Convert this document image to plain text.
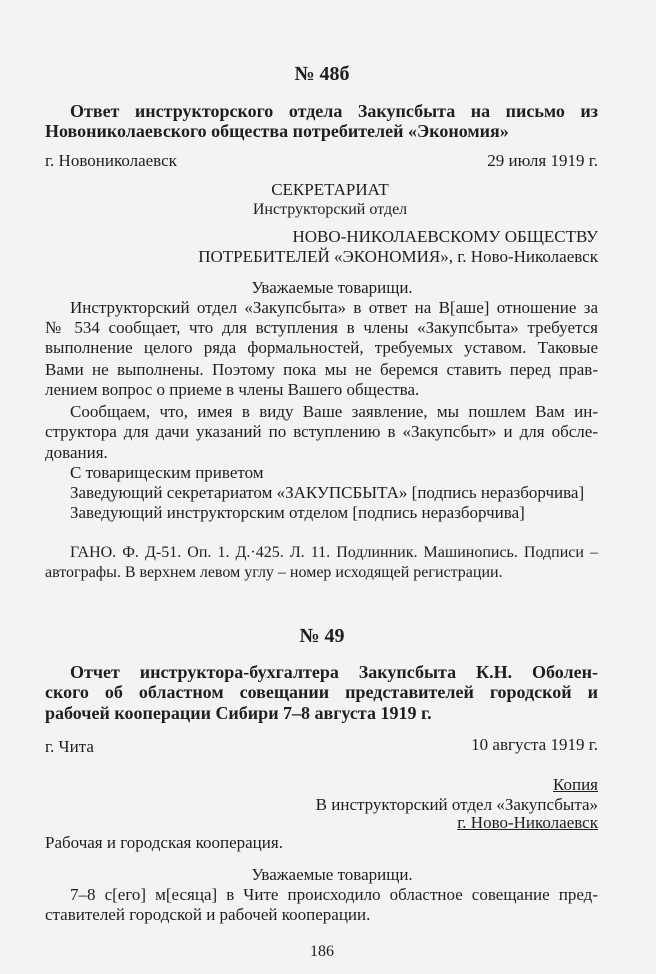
№ 48б
Ответ инструкторского отдела Закупсбыта на письмо из
Новониколаевского общества потребителей «Экономия»
г. Новониколаевск	29 июля 1919 г.
СЕКРЕТАРИАТ
Инструкторский отдел
НОВО-НИКОЛАЕВСКОМУ ОБЩЕСТВУ
ПОТРЕБИТЕЛЕЙ «ЭКОНОМИЯ», г. Ново-Николаевск
Уважаемые товарищи.
Инструкторский отдел «Закупсбыта» в ответ на В[аше] отношение за
№ 534 сообщает, что для вступления в члены «Закупсбыта» требуется
выполнение целого ряда формальностей, требуемых уставом. Таковые
Вами не выполнены. Поэтому пока мы не беремся ставить перед прав-
лением вопрос о приеме в члены Вашего общества.
Сообщаем, что, имея в виду Ваше заявление, мы пошлем Вам ин-
структора для дачи указаний по вступлению в «Закупсбыт» и для обсле-
дования.
С товарищеским приветом
Заведующий секретариатом «ЗАКУПСБЫТА» [подпись неразборчива]
Заведующий инструкторским отделом [подпись неразборчива]
ГАНО. Ф. Д-51. Оп. 1. Д.·425. Л. 11. Подлинник. Машинопись. Подписи –
автографы. В верхнем левом углу – номер исходящей регистрации.
№ 49
Отчет инструктора-бухгалтера Закупсбыта К.Н. Оболен-
ского об областном совещании представителей городской и
рабочей кооперации Сибири 7–8 августа 1919 г.
г. Чита	10 августа 1919 г.
Копия
В инструкторский отдел «Закупсбыта»
г. Ново-Николаевск
Рабочая и городская кооперация.
Уважаемые товарищи.
7–8 с[его] м[есяца] в Чите происходило областное совещание пред-
ставителей городской и рабочей кооперации.
186
